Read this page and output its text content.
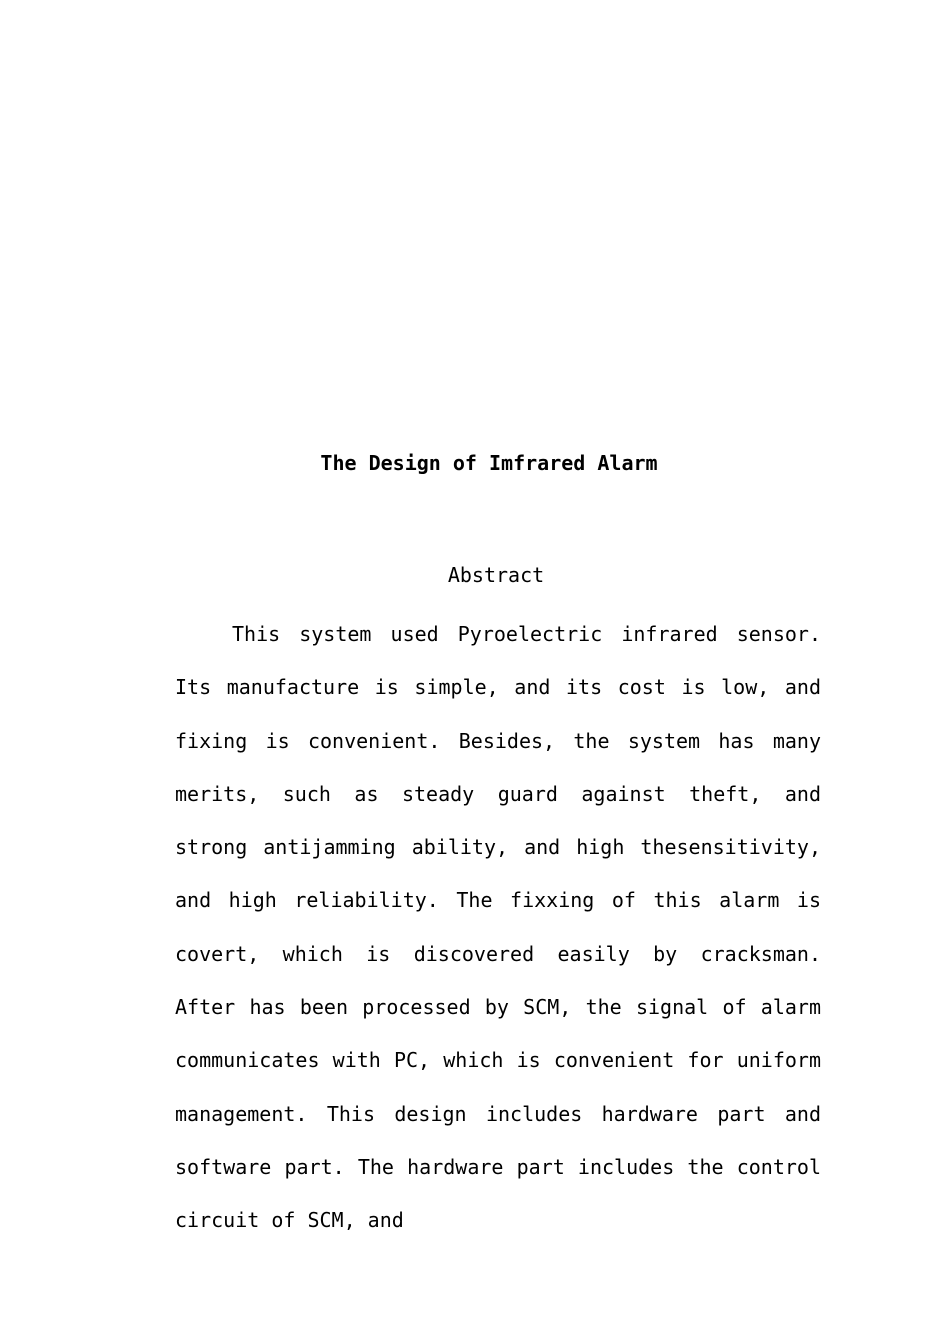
The Design of Imfrared Alarm
Abstract

This system used Pyroelectric infrared sensor. Its manufacture is simple, and its cost is low, and fixing is convenient. Besides, the system has many merits, such as steady guard against theft, and strong antijamming ability, and high thesensitivity, and high reliability. The fixxing of this alarm is covert, which is discovered easily by cracksman. After has been processed by SCM, the signal of alarm communicates with PC, which is convenient for uniform management. This design includes hardware part and software part. The hardware part includes the control circuit of SCM, and
